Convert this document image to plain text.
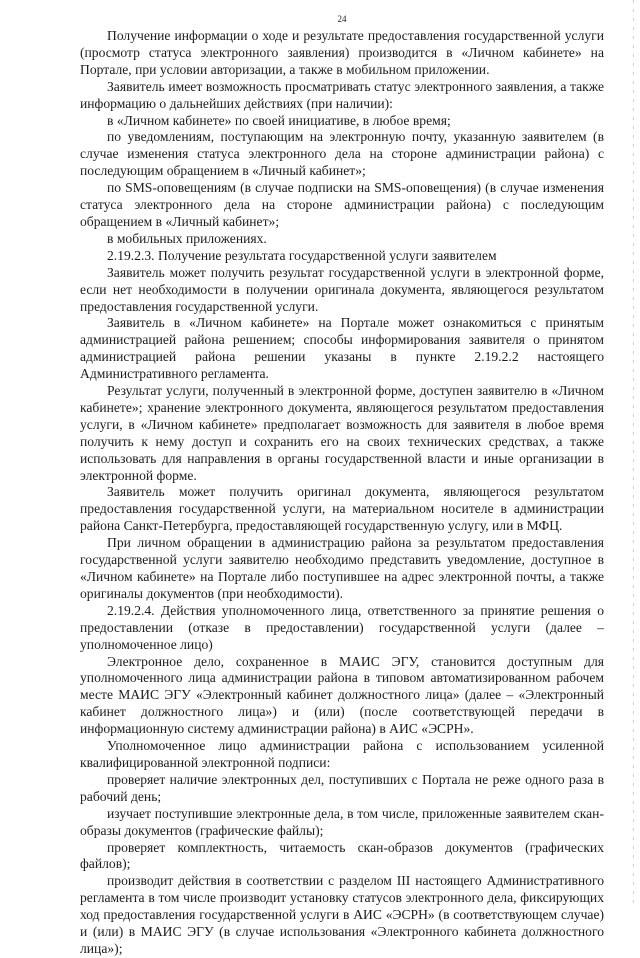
24

Получение информации о ходе и результате предоставления государственной услуги (просмотр статуса электронного заявления) производится в «Личном кабинете» на Портале, при условии авторизации, а также в мобильном приложении.

Заявитель имеет возможность просматривать статус электронного заявления, а также информацию о дальнейших действиях (при наличии):

в «Личном кабинете» по своей инициативе, в любое время;

по уведомлениям, поступающим на электронную почту, указанную заявителем (в случае изменения статуса электронного дела на стороне администрации района) с последующим обращением в «Личный кабинет»;

по SMS-оповещениям (в случае подписки на SMS-оповещения) (в случае изменения статуса электронного дела на стороне администрации района) с последующим обращением в «Личный кабинет»;

в мобильных приложениях.

2.19.2.3. Получение результата государственной услуги заявителем

Заявитель может получить результат государственной услуги в электронной форме, если нет необходимости в получении оригинала документа, являющегося результатом предоставления государственной услуги.

Заявитель в «Личном кабинете» на Портале может ознакомиться с принятым администрацией района решением; способы информирования заявителя о принятом администрацией района решении указаны в пункте 2.19.2.2 настоящего Административного регламента.

Результат услуги, полученный в электронной форме, доступен заявителю в «Личном кабинете»; хранение электронного документа, являющегося результатом предоставления услуги, в «Личном кабинете» предполагает возможность для заявителя в любое время получить к нему доступ и сохранить его на своих технических средствах, а также использовать для направления в органы государственной власти и иные организации в электронной форме.

Заявитель может получить оригинал документа, являющегося результатом предоставления государственной услуги, на материальном носителе в администрации района Санкт-Петербурга, предоставляющей государственную услугу, или в МФЦ.

При личном обращении в администрацию района за результатом предоставления государственной услуги заявителю необходимо представить уведомление, доступное в «Личном кабинете» на Портале либо поступившее на адрес электронной почты, а также оригиналы документов (при необходимости).

2.19.2.4. Действия уполномоченного лица, ответственного за принятие решения о предоставлении (отказе в предоставлении) государственной услуги (далее – уполномоченное лицо)

Электронное дело, сохраненное в МАИС ЭГУ, становится доступным для уполномоченного лица администрации района в типовом автоматизированном рабочем месте МАИС ЭГУ «Электронный кабинет должностного лица» (далее – «Электронный кабинет должностного лица») и (или) (после соответствующей передачи в информационную систему администрации района) в АИС «ЭСРН».

Уполномоченное лицо администрации района с использованием усиленной квалифицированной электронной подписи:

проверяет наличие электронных дел, поступивших с Портала не реже одного раза в рабочий день;

изучает поступившие электронные дела, в том числе, приложенные заявителем скан-образы документов (графические файлы);

проверяет комплектность, читаемость скан-образов документов (графических файлов);

производит действия в соответствии с разделом III настоящего Административного регламента в том числе производит установку статусов электронного дела, фиксирующих ход предоставления государственной услуги в АИС «ЭСРН» (в соответствующем случае) и (или) в МАИС ЭГУ (в случае использования «Электронного кабинета должностного лица»);
